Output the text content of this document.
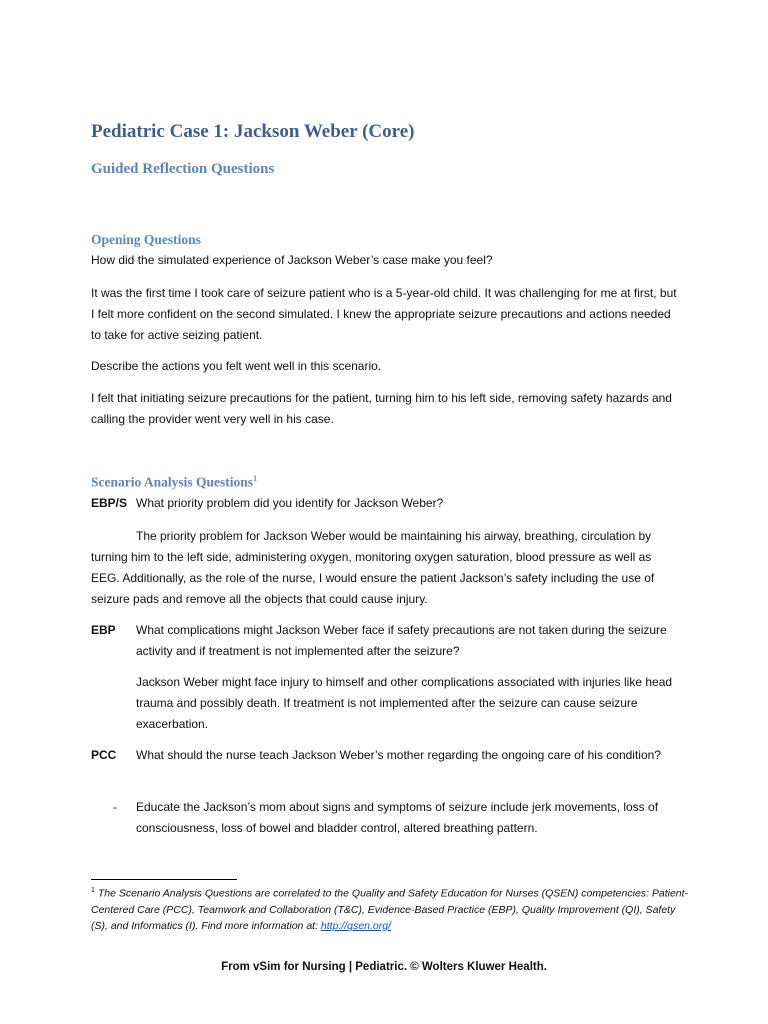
Pediatric Case 1: Jackson Weber (Core)
Guided Reflection Questions
Opening Questions

How did the simulated experience of Jackson Weber’s case make you feel?

It was the first time I took care of seizure patient who is a 5-year-old child. It was challenging for me at first, but I felt more confident on the second simulated. I knew the appropriate seizure precautions and actions needed to take for active seizing patient.

Describe the actions you felt went well in this scenario.

I felt that initiating seizure precautions for the patient, turning him to his left side, removing safety hazards and calling the provider went very well in his case.

Scenario Analysis Questions$^1$
EBP/S What priority problem did you identify for Jackson Weber?

The priority problem for Jackson Weber would be maintaining his airway, breathing, circulation by turning him to the left side, administering oxygen, monitoring oxygen saturation, blood pressure as well as EEG. Additionally, as the role of the nurse, I would ensure the patient Jackson’s safety including the use of seizure pads and remove all the objects that could cause injury.

EBP What complications might Jackson Weber face if safety precautions are not taken during the seizure activity and if treatment is not implemented after the seizure?

Jackson Weber might face injury to himself and other complications associated with injuries like head trauma and possibly death. If treatment is not implemented after the seizure can cause seizure exacerbation.

PCC What should the nurse teach Jackson Weber’s mother regarding the ongoing care of his condition?

- Educate the Jackson’s mom about signs and symptoms of seizure include jerk movements, loss of consciousness, loss of bowel and bladder control, altered breathing pattern.

$^1$ The Scenario Analysis Questions are correlated to the Quality and Safety Education for Nurses (QSEN) competencies: Patient-Centered Care (PCC), Teamwork and Collaboration (T&C), Evidence-Based Practice (EBP), Quality Improvement (QI), Safety (S), and Informatics (I). Find more information at: http://qsen.org/

From vSim for Nursing | Pediatric. © Wolters Kluwer Health.
